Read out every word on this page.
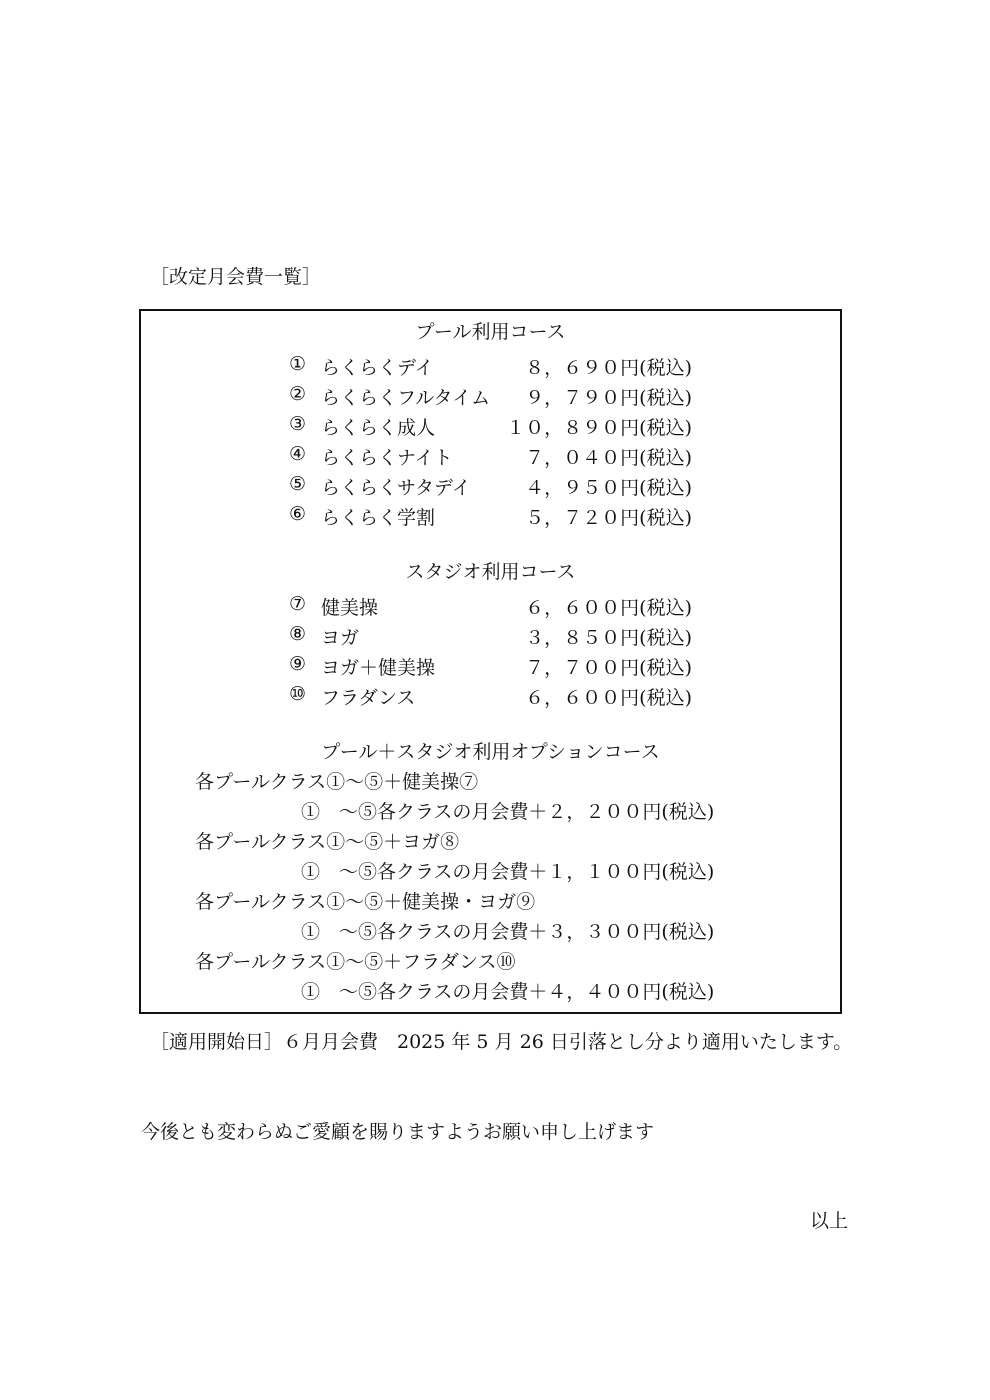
［改定月会費一覧］
プール利用コース
① らくらくデイ	８，６９０円(税込)
② らくらくフルタイム ９，７９０円(税込)
③ らくらく成人	１０，８９０円(税込)
④ らくらくナイト	７，０４０円(税込)
⑤ らくらくサタデイ	４，９５０円(税込)
⑥ らくらく学割	５，７２０円(税込)
スタジオ利用コース
⑦ 健美操	６，６００円(税込)
⑧ ヨガ	３，８５０円(税込)
⑨ ヨガ＋健美操	７，７００円(税込)
⑩ フラダンス	６，６００円(税込)
プール＋スタジオ利用オプションコース
各プールクラス①～⑤＋健美操⑦
①　～⑤各クラスの月会費＋２，２００円(税込)
各プールクラス①～⑤＋ヨガ⑧
①　～⑤各クラスの月会費＋１，１００円(税込)
各プールクラス①～⑤＋健美操・ヨガ⑨
①　～⑤各クラスの月会費＋３，３００円(税込)
各プールクラス①～⑤＋フラダンス⑩
①　～⑤各クラスの月会費＋４，４００円(税込)
［適用開始日］６月月会費　2025 年 5 月 26 日引落とし分より適用いたします。
今後とも変わらぬご愛顧を賜りますようお願い申し上げます
以上
